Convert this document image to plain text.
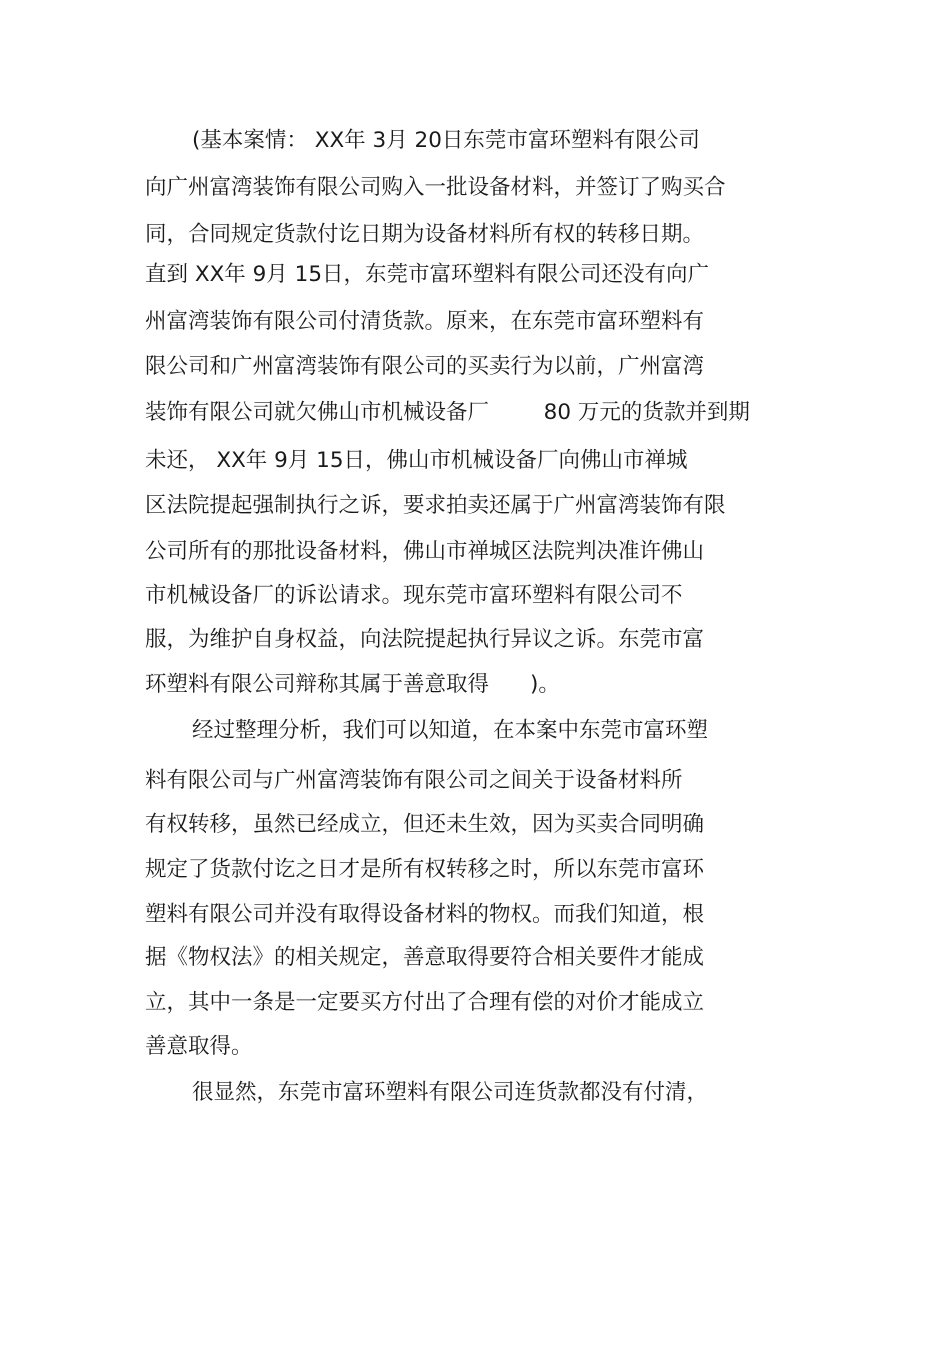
(基本案情： XX年 3月 20日东莞市富环塑料有限公司

向广州富湾装饰有限公司购入一批设备材料，并签订了购买合

同，合同规定货款付讫日期为设备材料所有权的转移日期。

直到 XX年 9月 15日，东莞市富环塑料有限公司还没有向广

州富湾装饰有限公司付清货款。原来，在东莞市富环塑料有

限公司和广州富湾装饰有限公司的买卖行为以前，广州富湾

装饰有限公司就欠佛山市机械设备厂        80 万元的货款并到期

未还， XX年 9月 15日，佛山市机械设备厂向佛山市禅城

区法院提起强制执行之诉，要求拍卖还属于广州富湾装饰有限

公司所有的那批设备材料，佛山市禅城区法院判决准许佛山

市机械设备厂的诉讼请求。现东莞市富环塑料有限公司不

服，为维护自身权益，向法院提起执行异议之诉。东莞市富

环塑料有限公司辩称其属于善意取得      )。

经过整理分析，我们可以知道，在本案中东莞市富环塑

料有限公司与广州富湾装饰有限公司之间关于设备材料所

有权转移，虽然已经成立，但还未生效，因为买卖合同明确

规定了货款付讫之日才是所有权转移之时，所以东莞市富环

塑料有限公司并没有取得设备材料的物权。而我们知道，根

据《物权法》的相关规定，善意取得要符合相关要件才能成

立，其中一条是一定要买方付出了合理有偿的对价才能成立

善意取得。

很显然，东莞市富环塑料有限公司连货款都没有付清，
